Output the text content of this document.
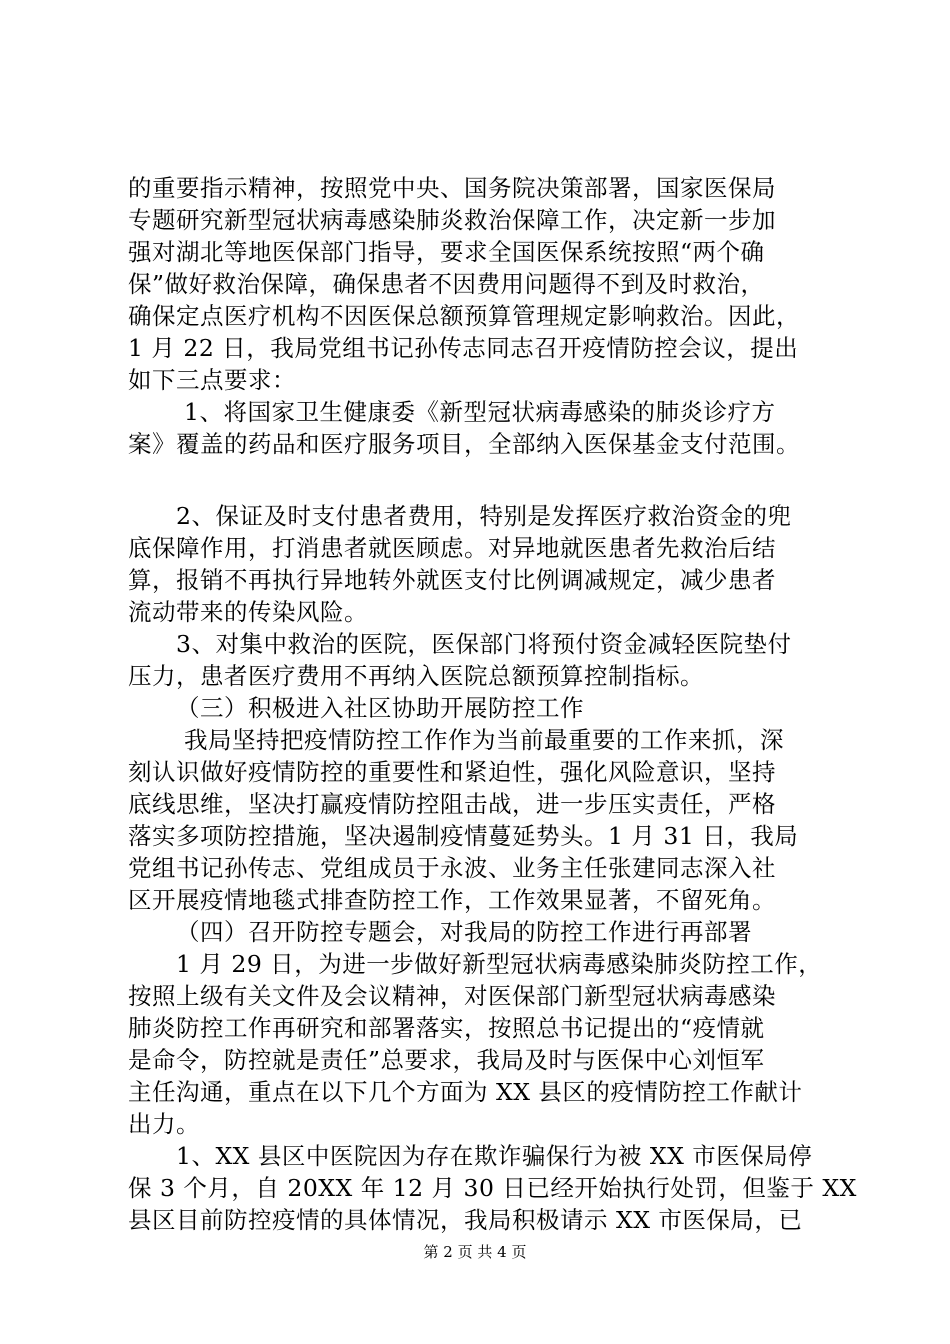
的重要指示精神，按照党中央、国务院决策部署，国家医保局
专题研究新型冠状病毒感染肺炎救治保障工作，决定新一步加
强对湖北等地医保部门指导，要求全国医保系统按照“两个确
保”做好救治保障，确保患者不因费用问题得不到及时救治，
确保定点医疗机构不因医保总额预算管理规定影响救治。因此，
1 月 22 日，我局党组书记孙传志同志召开疫情防控会议，提出
如下三点要求：
1、将国家卫生健康委《新型冠状病毒感染的肺炎诊疗方
案》覆盖的药品和医疗服务项目，全部纳入医保基金支付范围。
2、保证及时支付患者费用，特别是发挥医疗救治资金的兜
底保障作用，打消患者就医顾虑。对异地就医患者先救治后结
算，报销不再执行异地转外就医支付比例调减规定，减少患者
流动带来的传染风险。
3、对集中救治的医院，医保部门将预付资金减轻医院垫付
压力，患者医疗费用不再纳入医院总额预算控制指标。
（三）积极进入社区协助开展防控工作
我局坚持把疫情防控工作作为当前最重要的工作来抓，深
刻认识做好疫情防控的重要性和紧迫性，强化风险意识，坚持
底线思维，坚决打赢疫情防控阻击战，进一步压实责任，严格
落实多项防控措施，坚决遏制疫情蔓延势头。1 月 31 日，我局
党组书记孙传志、党组成员于永波、业务主任张建同志深入社
区开展疫情地毯式排查防控工作，工作效果显著，不留死角。
（四）召开防控专题会，对我局的防控工作进行再部署
1 月 29 日，为进一步做好新型冠状病毒感染肺炎防控工作，
按照上级有关文件及会议精神，对医保部门新型冠状病毒感染
肺炎防控工作再研究和部署落实，按照总书记提出的“疫情就
是命令，防控就是责任”总要求，我局及时与医保中心刘恒军
主任沟通，重点在以下几个方面为 XX 县区的疫情防控工作献计
出力。
1、XX 县区中医院因为存在欺诈骗保行为被 XX 市医保局停
保 3 个月，自 20XX 年 12 月 30 日已经开始执行处罚，但鉴于 XX
县区目前防控疫情的具体情况，我局积极请示 XX 市医保局，已
第 2 页 共 4 页
